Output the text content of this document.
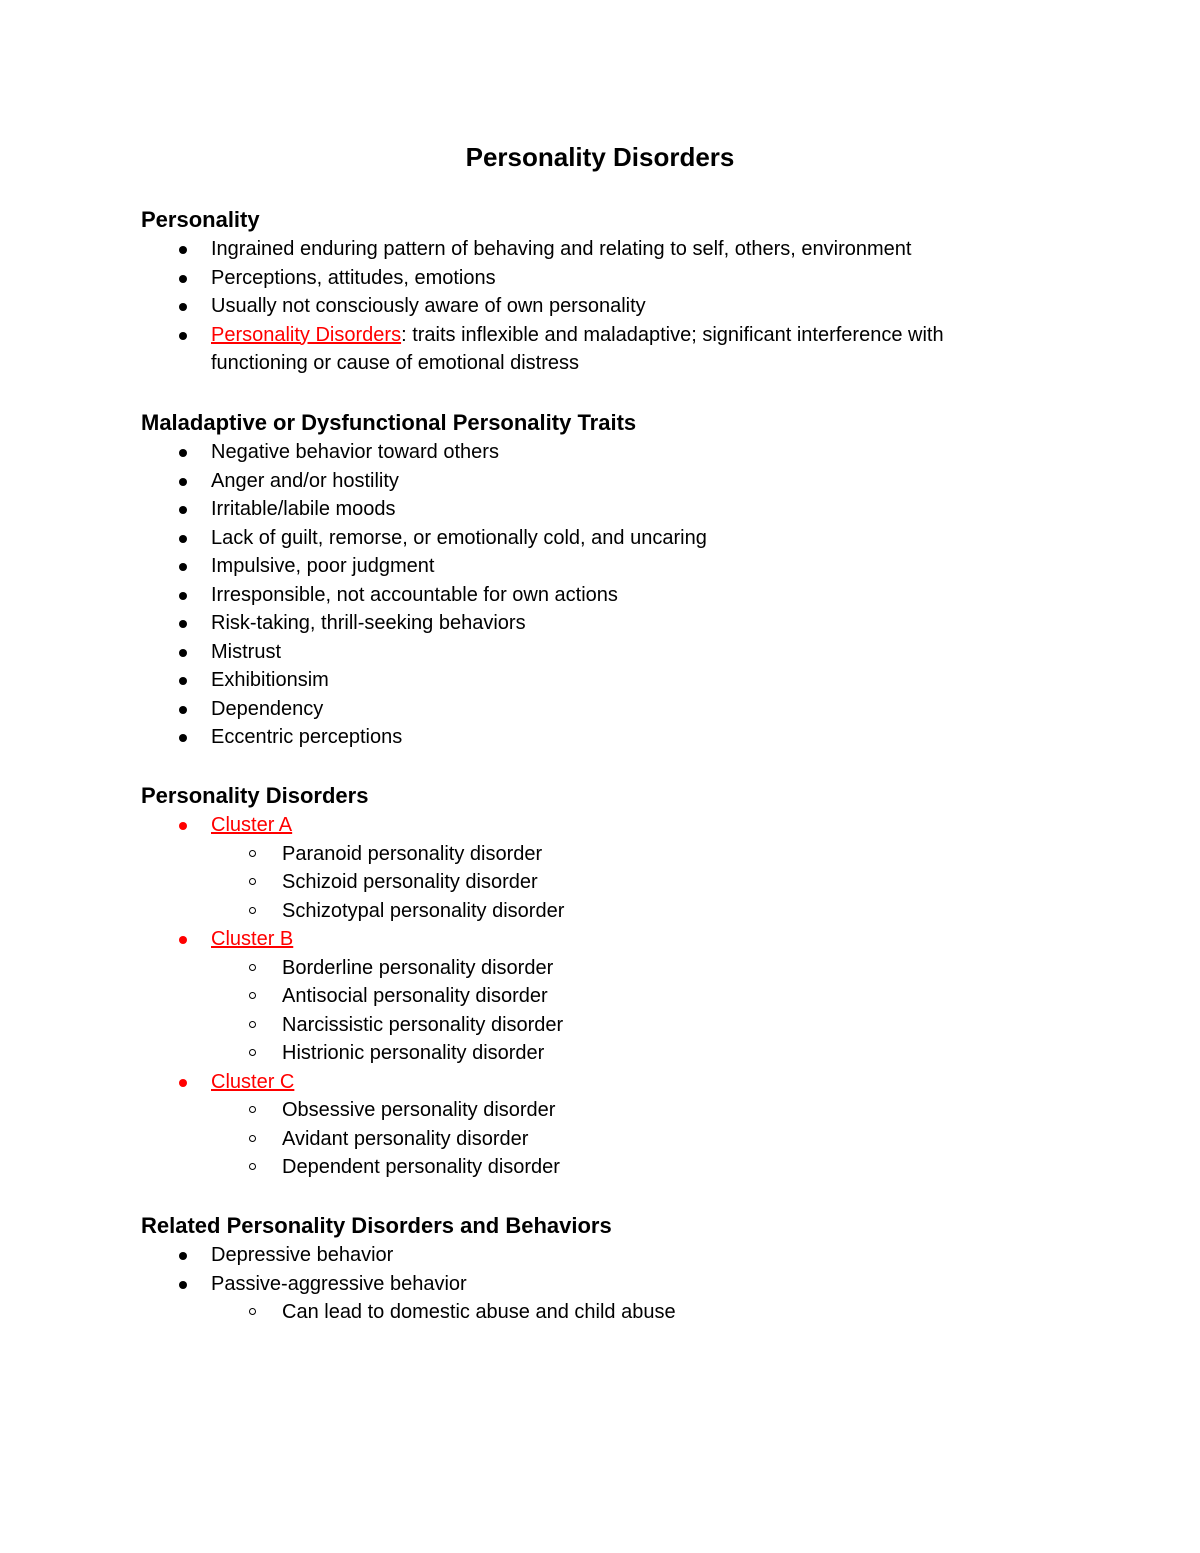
Personality Disorders
Personality
Ingrained enduring pattern of behaving and relating to self, others, environment
Perceptions, attitudes, emotions
Usually not consciously aware of own personality
Personality Disorders: traits inflexible and maladaptive; significant interference with functioning or cause of emotional distress
Maladaptive or Dysfunctional Personality Traits
Negative behavior toward others
Anger and/or hostility
Irritable/labile moods
Lack of guilt, remorse, or emotionally cold, and uncaring
Impulsive, poor judgment
Irresponsible, not accountable for own actions
Risk-taking, thrill-seeking behaviors
Mistrust
Exhibitionsim
Dependency
Eccentric perceptions
Personality Disorders
Cluster A
Paranoid personality disorder
Schizoid personality disorder
Schizotypal personality disorder
Cluster B
Borderline personality disorder
Antisocial personality disorder
Narcissistic personality disorder
Histrionic personality disorder
Cluster C
Obsessive personality disorder
Avidant personality disorder
Dependent personality disorder
Related Personality Disorders and Behaviors
Depressive behavior
Passive-aggressive behavior
Can lead to domestic abuse and child abuse
